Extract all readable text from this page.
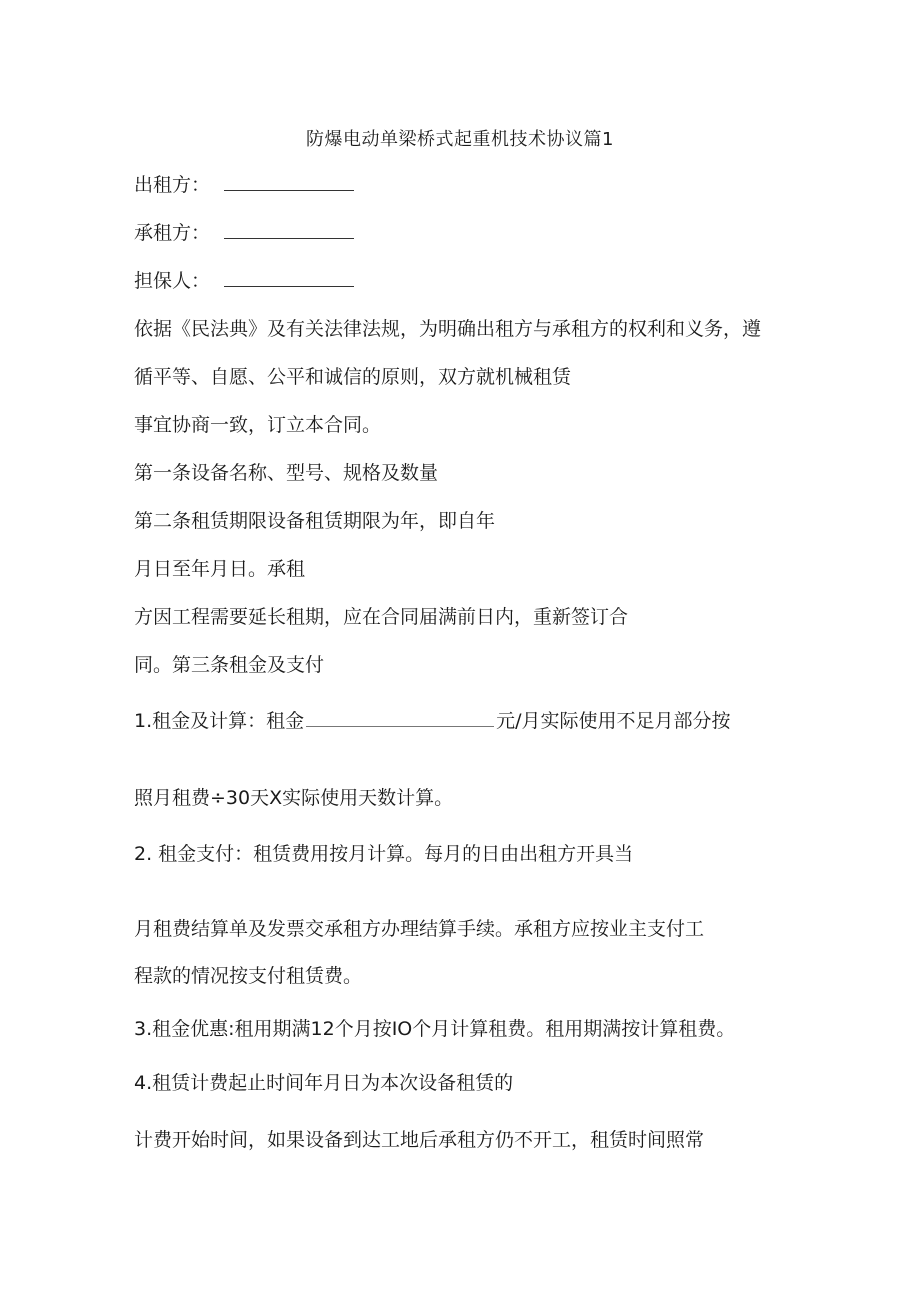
防爆电动单梁桥式起重机技术协议篇1
出租方：
承租方：
担保人：
依据《民法典》及有关法律法规，为明确出租方与承租方的权利和义务，遵
循平等、自愿、公平和诚信的原则，双方就机械租赁
事宜协商一致，订立本合同。
第一条设备名称、型号、规格及数量
第二条租赁期限设备租赁期限为年，即自年
月日至年月日。承租
方因工程需要延长租期，应在合同届满前日内，重新签订合
同。第三条租金及支付
1.租金及计算：租金	元/月实际使用不足月部分按
照月租费÷30天X实际使用天数计算。
2. 租金支付：租赁费用按月计算。每月的日由出租方开具当
月租费结算单及发票交承租方办理结算手续。承租方应按业主支付工
程款的情况按支付租赁费。
3.租金优惠:租用期满12个月按IO个月计算租费。租用期满按计算租费。
4.租赁计费起止时间年月日为本次设备租赁的
计费开始时间，如果设备到达工地后承租方仍不开工，租赁时间照常
